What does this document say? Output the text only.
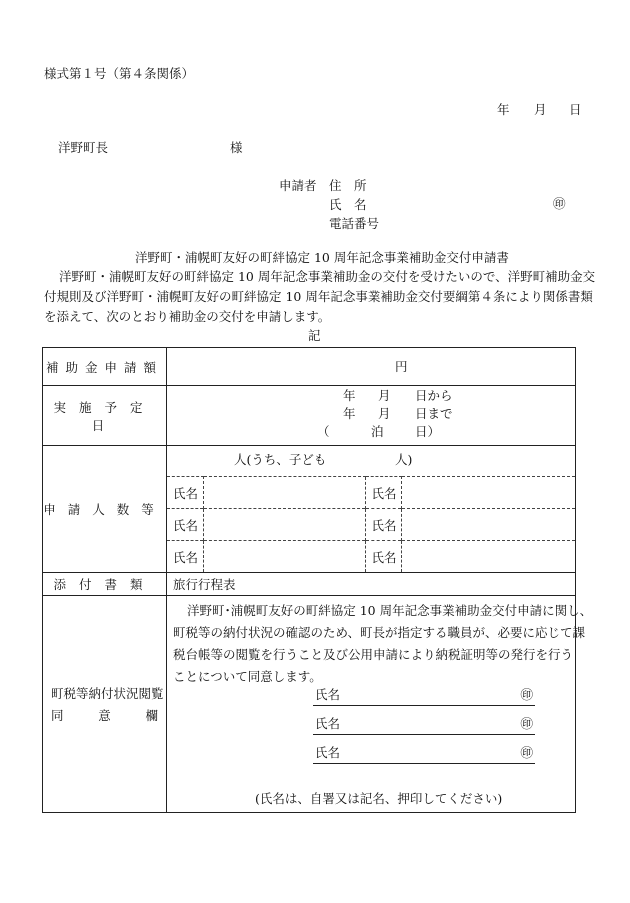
様式第１号（第４条関係）
年 月 日
洋野町長	様
申請者 住　所
氏　名	㊞
電話番号
洋野町・浦幌町友好の町絆協定 10 周年記念事業補助金交付申請書
洋野町・浦幌町友好の町絆協定 10 周年記念事業補助金の交付を受けたいので、洋野町補助金交
付規則及び洋野町・浦幌町友好の町絆協定 10 周年記念事業補助金交付要綱第４条により関係書類
を添えて、次のとおり補助金の交付を申請します。
記
補助金申請額	円

実施予定日	
年 月 日から
年 月 日まで
（	泊	日）

申請人数等	
人(うち、子ども	人)
氏名		氏名	
氏名		氏名	
氏名		氏名	

添付書類	旅行行程表

町税等納付状況閲覧
同	意	欄

洋野町･浦幌町友好の町絆協定 10 周年記念事業補助金交付申請に関し、
町税等の納付状況の確認のため、町長が指定する職員が、必要に応じて課
税台帳等の閲覧を行うこと及び公用申請により納税証明等の発行を行う
ことについて同意します。
氏名	㊞
氏名	㊞
氏名	㊞
(氏名は、自署又は記名、押印してください)
